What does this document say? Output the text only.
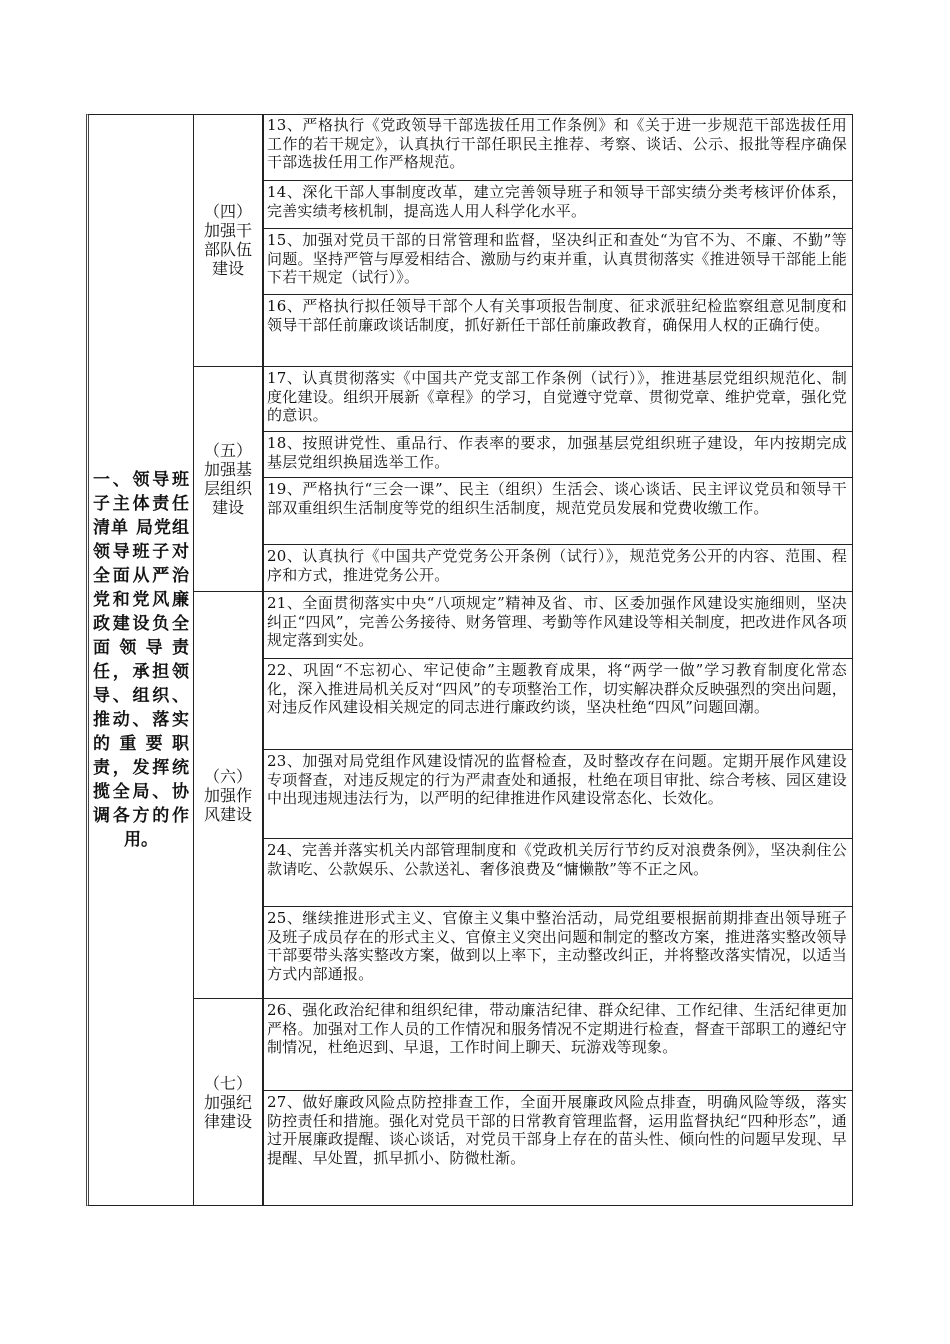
一、领导班子主体责任清单 局党组领导班子对全面从严治党和党风廉政建设负全面领导责任，承担领导、组织、推动、落实的重要职责，发挥统揽全局、协调各方的作用。
（四）加强干部队伍建设
13、严格执行《党政领导干部选拔任用工作条例》和《关于进一步规范干部选拔任用工作的若干规定》，认真执行干部任职民主推荐、考察、谈话、公示、报批等程序确保干部选拔任用工作严格规范。
14、深化干部人事制度改革，建立完善领导班子和领导干部实绩分类考核评价体系，完善实绩考核机制，提高选人用人科学化水平。
15、加强对党员干部的日常管理和监督，坚决纠正和查处“为官不为、不廉、不勤”等问题。坚持严管与厚爱相结合、激励与约束并重，认真贯彻落实《推进领导干部能上能下若干规定（试行）》。
16、严格执行拟任领导干部个人有关事项报告制度、征求派驻纪检监察组意见制度和领导干部任前廉政谈话制度，抓好新任干部任前廉政教育，确保用人权的正确行使。
（五）加强基层组织建设
17、认真贯彻落实《中国共产党支部工作条例（试行）》，推进基层党组织规范化、制度化建设。组织开展新《章程》的学习，自觉遵守党章、贯彻党章、维护党章，强化党的意识。
18、按照讲党性、重品行、作表率的要求，加强基层党组织班子建设，年内按期完成基层党组织换届选举工作。
19、严格执行“三会一课”、民主（组织）生活会、谈心谈话、民主评议党员和领导干部双重组织生活制度等党的组织生活制度，规范党员发展和党费收缴工作。
20、认真执行《中国共产党党务公开条例（试行）》，规范党务公开的内容、范围、程序和方式，推进党务公开。
（六）加强作风建设
21、全面贯彻落实中央“八项规定”精神及省、市、区委加强作风建设实施细则，坚决纠正“四风”，完善公务接待、财务管理、考勤等作风建设等相关制度，把改进作风各项规定落到实处。
22、巩固“不忘初心、牢记使命”主题教育成果，将“两学一做”学习教育制度化常态化，深入推进局机关反对“四风”的专项整治工作，切实解决群众反映强烈的突出问题，对违反作风建设相关规定的同志进行廉政约谈，坚决杜绝“四风”问题回潮。
23、加强对局党组作风建设情况的监督检查，及时整改存在问题。定期开展作风建设专项督查，对违反规定的行为严肃查处和通报，杜绝在项目审批、综合考核、园区建设中出现违规违法行为，以严明的纪律推进作风建设常态化、长效化。
24、完善并落实机关内部管理制度和《党政机关厉行节约反对浪费条例》，坚决刹住公款请吃、公款娱乐、公款送礼、奢侈浪费及“慵懒散”等不正之风。
25、继续推进形式主义、官僚主义集中整治活动，局党组要根据前期排查出领导班子及班子成员存在的形式主义、官僚主义突出问题和制定的整改方案，推进落实整改领导干部要带头落实整改方案，做到以上率下，主动整改纠正，并将整改落实情况，以适当方式内部通报。
（七）加强纪律建设
26、强化政治纪律和组织纪律，带动廉洁纪律、群众纪律、工作纪律、生活纪律更加严格。加强对工作人员的工作情况和服务情况不定期进行检查，督查干部职工的遵纪守制情况，杜绝迟到、早退，工作时间上聊天、玩游戏等现象。
27、做好廉政风险点防控排查工作，全面开展廉政风险点排查，明确风险等级，落实防控责任和措施。强化对党员干部的日常教育管理监督，运用监督执纪“四种形态”，通过开展廉政提醒、谈心谈话，对党员干部身上存在的苗头性、倾向性的问题早发现、早提醒、早处置，抓早抓小、防微杜渐。
